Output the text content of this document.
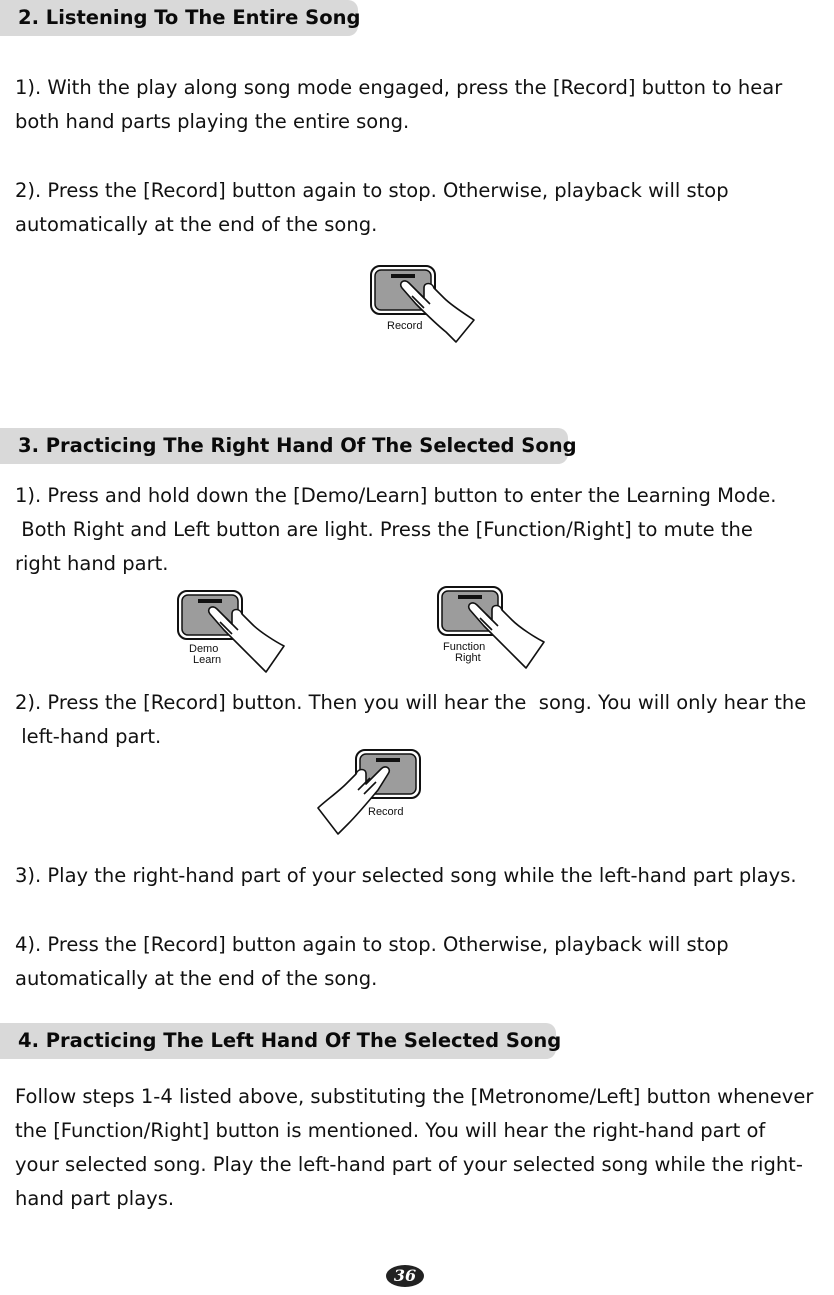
2. Listening To The Entire Song

1). With the play along song mode engaged, press the [Record] button to hear
both hand parts playing the entire song.

2). Press the [Record] button again to stop. Otherwise, playback will stop
automatically at the end of the song.

Record
3. Practicing The Right Hand Of The Selected Song

1). Press and hold down the [Demo/Learn] button to enter the Learning Mode.
Both Right and Left button are light. Press the [Function/Right] to mute the
right hand part.

Demo
Learn
Function
Right

2). Press the [Record] button. Then you will hear the  song. You will only hear the
left-hand part.

Record

3). Play the right-hand part of your selected song while the left-hand part plays.

4). Press the [Record] button again to stop. Otherwise, playback will stop
automatically at the end of the song.

4. Practicing The Left Hand Of The Selected Song

Follow steps 1-4 listed above, substituting the [Metronome/Left] button whenever
the [Function/Right] button is mentioned. You will hear the right-hand part of
your selected song. Play the left-hand part of your selected song while the right-
hand part plays.

36
